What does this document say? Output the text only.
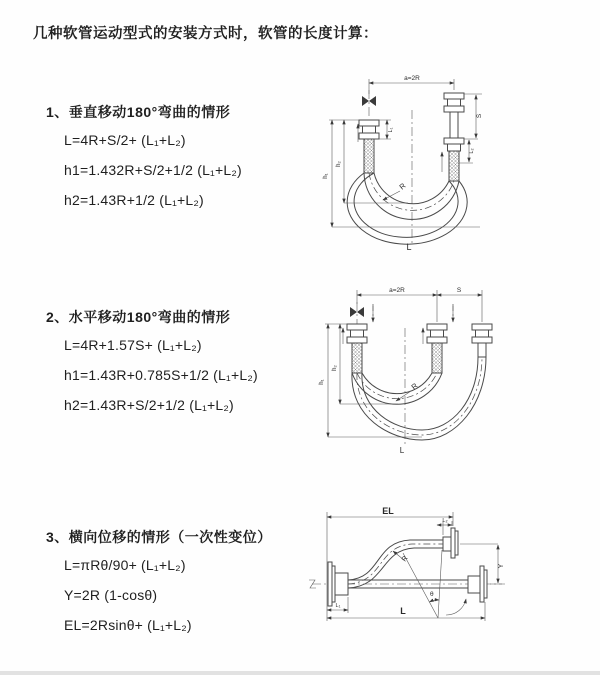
几种软管运动型式的安装方式时，软管的长度计算：
1、垂直移动180°弯曲的情形
L=4R+S/2+ (L₁+L₂)
h1=1.432R+S/2+1/2 (L₁+L₂)
h2=1.43R+1/2 (L₁+L₂)
a=2R
R
h₁
h₂
L₁
S
L₂
L
2、水平移动180°弯曲的情形
L=4R+1.57S+ (L₁+L₂)
h1=1.43R+0.785S+1/2 (L₁+L₂)
h2=1.43R+S/2+1/2 (L₁+L₂)
a=2R	S
h₁
h₂
R
L
3、横向位移的情形（一次性变位）
L=πRθ/90+ (L₁+L₂)
Y=2R (1-cosθ)
EL=2Rsinθ+ (L₁+L₂)
θ
EL
L₂
Y
R
L
L₁
